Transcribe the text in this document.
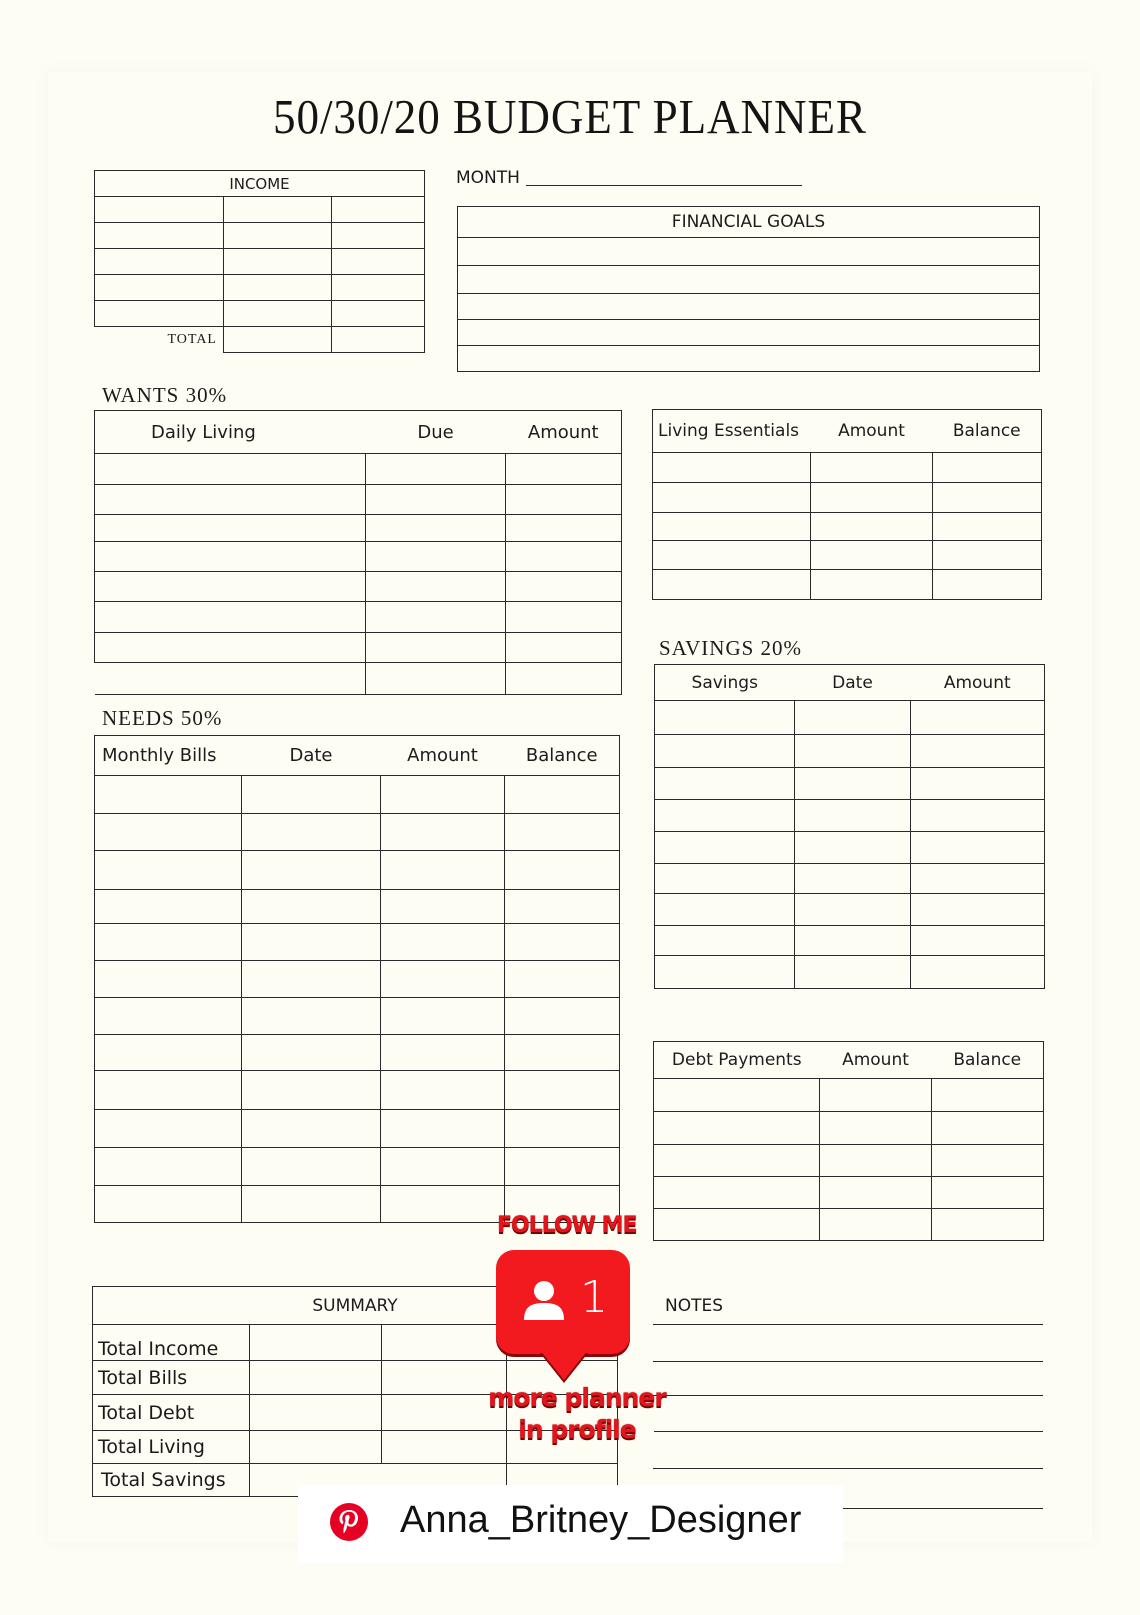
50/30/20 BUDGET PLANNER
INCOME		

TOTAL		
MONTH
FINANCIAL GOALS

WANTS 30%
Daily Living	Due	Amount

			Living Essentials	Amount	Balance

SAVINGS 20%
Savings	Date	Amount

NEEDS 50%
Monthly Bills	Date	Amount	Balance

Debt Payments	Amount	Balance

SUMMARY			
Total Income			
Total Bills			
Total Debt			
Total Living			
Total Savings			
NOTES
FOLLOW ME
1
more planner
in profile
Anna_Britney_Designer
